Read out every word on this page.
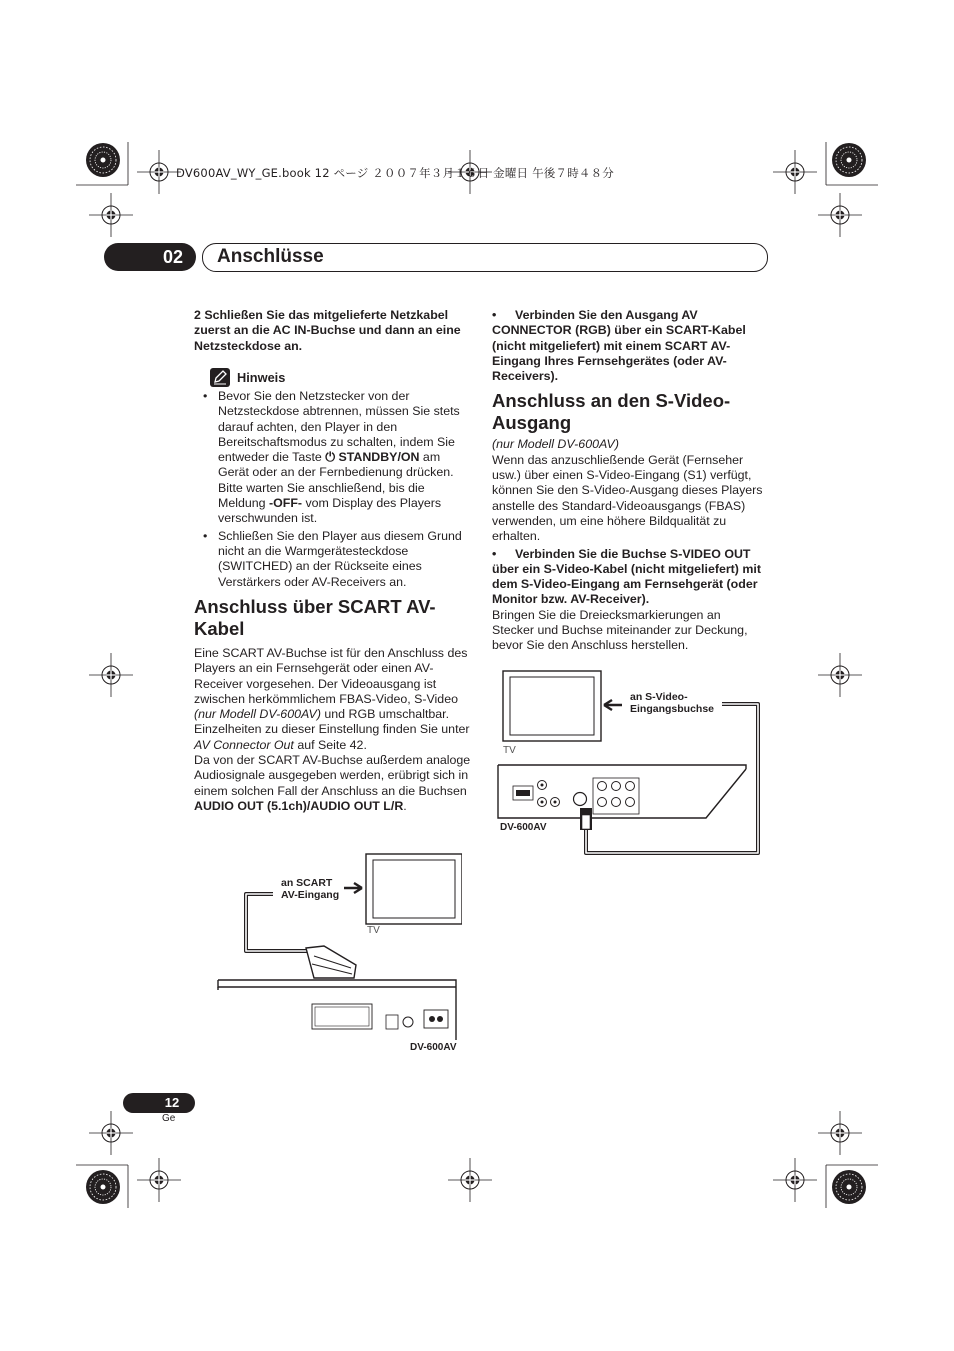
DV600AV_WY_GE.book 12 ページ ２００７年３月１６日 金曜日 午後７時４８分
02	Anschlüsse

2 Schließen Sie das mitgelieferte Netzkabel zuerst an die AC IN-Buchse und dann an eine Netzsteckdose an.

Hinweis

• Bevor Sie den Netzstecker von der Netzsteckdose abtrennen, müssen Sie stets darauf achten, den Player in den Bereitschaftsmodus zu schalten, indem Sie entweder die Taste ⏻ STANDBY/ON am Gerät oder an der Fernbedienung drücken. Bitte warten Sie anschließend, bis die Meldung -OFF- vom Display des Players verschwunden ist.

• Schließen Sie den Player aus diesem Grund nicht an die Warmgerätesteckdose (SWITCHED) an der Rückseite eines Verstärkers oder AV-Receivers an.

Anschluss über SCART AV-Kabel

Eine SCART AV-Buchse ist für den Anschluss des Players an ein Fernsehgerät oder einen AV-Receiver vorgesehen. Der Videoausgang ist zwischen herkömmlichem FBAS-Video, S-Video (nur Modell DV-600AV) und RGB umschaltbar. Einzelheiten zu dieser Einstellung finden Sie unter AV Connector Out auf Seite 42.

Da von der SCART AV-Buchse außerdem analoge Audiosignale ausgegeben werden, erübrigt sich in einem solchen Fall der Anschluss an die Buchsen AUDIO OUT (5.1ch)/AUDIO OUT L/R.

• Verbinden Sie den Ausgang AV CONNECTOR (RGB) über ein SCART-Kabel (nicht mitgeliefert) mit einem SCART AV-Eingang Ihres Fernsehgerätes (oder AV-Receivers).

Anschluss an den S-Video-Ausgang

(nur Modell DV-600AV)

Wenn das anzuschließende Gerät (Fernseher usw.) über einen S-Video-Eingang (S1) verfügt, können Sie den S-Video-Ausgang dieses Players anstelle des Standard-Videoausgangs (FBAS) verwenden, um eine höhere Bildqualität zu erhalten.

• Verbinden Sie die Buchse S-VIDEO OUT über ein S-Video-Kabel (nicht mitgeliefert) mit dem S-Video-Eingang am Fernsehgerät (oder Monitor bzw. AV-Receiver).

Bringen Sie die Dreiecksmarkierungen an Stecker und Buchse miteinander zur Deckung, bevor Sie den Anschluss herstellen.

an S-Video-Eingangsbuchse
TV
DV-600AV
an SCART AV-Eingang
TV
DV-600AV
12
Ge
